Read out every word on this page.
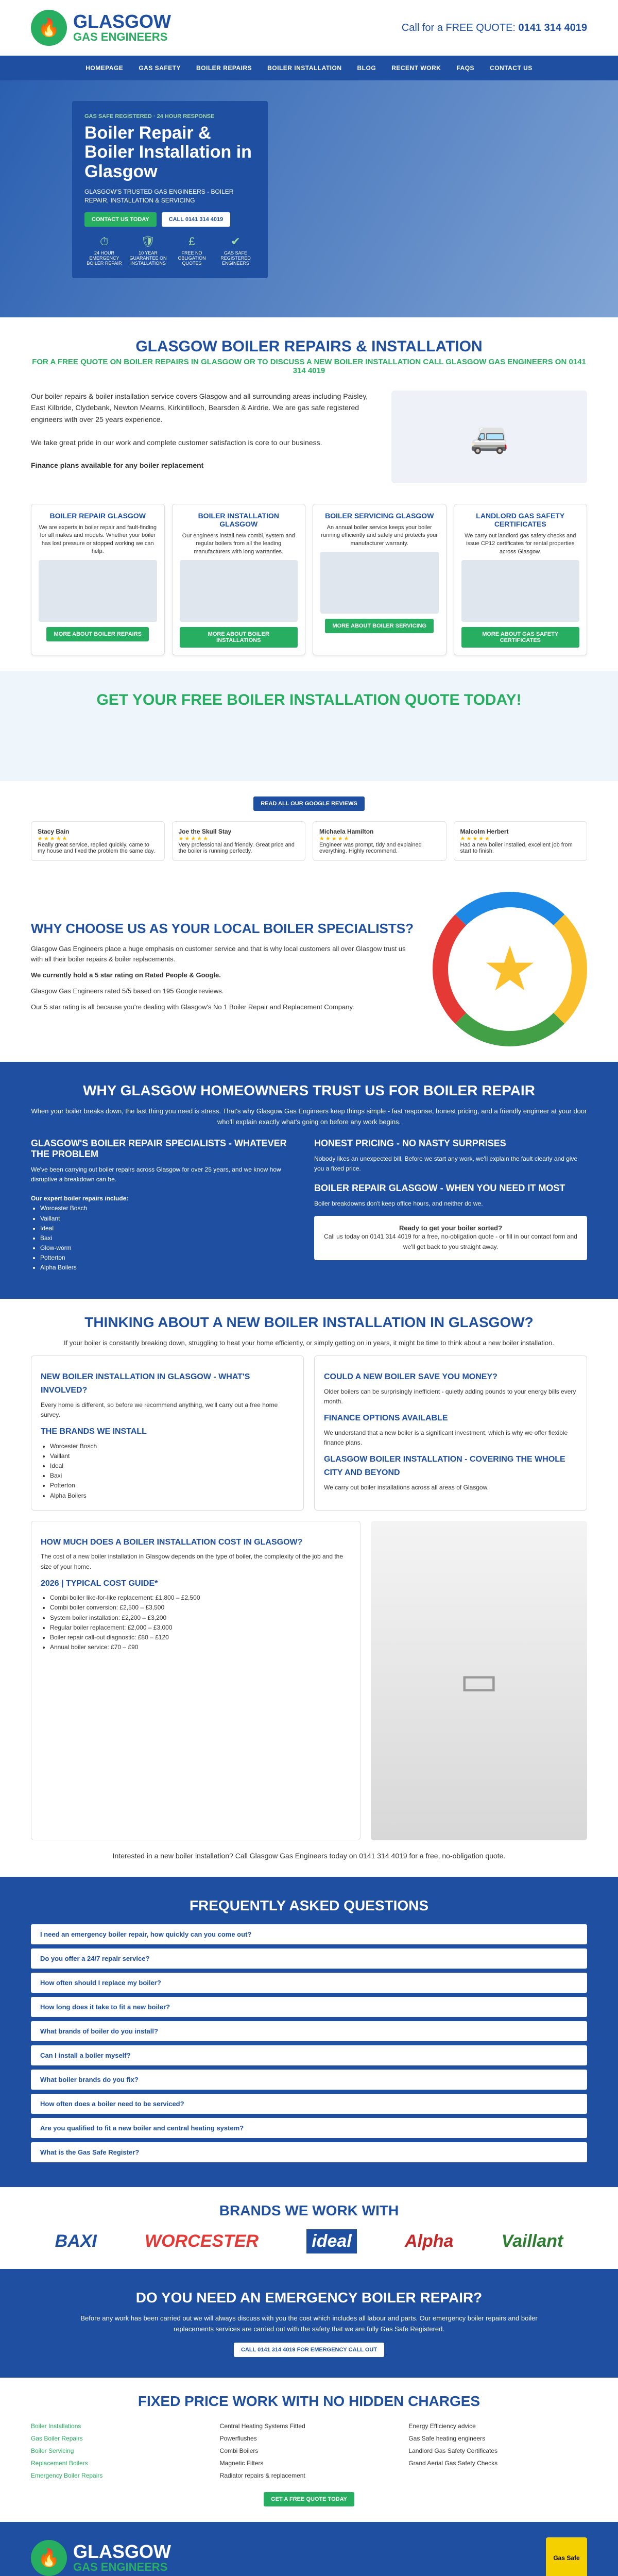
🔥 GLASGOW
GAS ENGINEERS
Call for a FREE QUOTE: 0141 314 4019
HOMEPAGE	GAS SAFETY	BOILER REPAIRS	BOILER INSTALLATION	BLOG	RECENT WORK	FAQS	CONTACT US
GAS SAFE REGISTERED · 24 HOUR RESPONSE
Boiler Repair & Boiler Installation in Glasgow

GLASGOW'S TRUSTED GAS ENGINEERS - BOILER REPAIR, INSTALLATION & SERVICING

CONTACT US TODAY	CALL 0141 314 4019
⏱
24 HOUR EMERGENCY BOILER REPAIR
🛡
10 YEAR GUARANTEE ON INSTALLATIONS
£
FREE NO OBLIGATION QUOTES
✔
GAS SAFE REGISTERED ENGINEERS
GLASGOW BOILER REPAIRS & INSTALLATION
FOR A FREE QUOTE ON BOILER REPAIRS IN GLASGOW OR TO DISCUSS A NEW BOILER INSTALLATION CALL GLASGOW GAS ENGINEERS ON 0141 314 4019

Our boiler repairs & boiler installation service covers Glasgow and all surrounding areas including Paisley, East Kilbride, Clydebank, Newton Mearns, Kirkintilloch, Bearsden & Airdrie. We are gas safe registered engineers with over 25 years experience.

We take great pride in our work and complete customer satisfaction is core to our business.

Finance plans available for any boiler replacement

🚐
BOILER REPAIR GLASGOW

We are experts in boiler repair and fault-finding for all makes and models. Whether your boiler has lost pressure or stopped working we can help.

MORE ABOUT BOILER REPAIRS
BOILER INSTALLATION GLASGOW

Our engineers install new combi, system and regular boilers from all the leading manufacturers with long warranties.

MORE ABOUT BOILER INSTALLATIONS
BOILER SERVICING GLASGOW

An annual boiler service keeps your boiler running efficiently and safely and protects your manufacturer warranty.

MORE ABOUT BOILER SERVICING
LANDLORD GAS SAFETY CERTIFICATES

We carry out landlord gas safety checks and issue CP12 certificates for rental properties across Glasgow.

MORE ABOUT GAS SAFETY CERTIFICATES
GET YOUR FREE BOILER INSTALLATION QUOTE TODAY!
READ ALL OUR GOOGLE REVIEWS
Stacy Bain
★★★★★

Really great service, replied quickly, came to my house and fixed the problem the same day.

Joe the Skull Stay
★★★★★

Very professional and friendly. Great price and the boiler is running perfectly.

Michaela Hamilton
★★★★★

Engineer was prompt, tidy and explained everything. Highly recommend.

Malcolm Herbert
★★★★★

Had a new boiler installed, excellent job from start to finish.

WHY CHOOSE US AS YOUR LOCAL BOILER SPECIALISTS?

Glasgow Gas Engineers place a huge emphasis on customer service and that is why local customers all over Glasgow trust us with all their boiler repairs & boiler replacements.

We currently hold a 5 star rating on Rated People & Google.

Glasgow Gas Engineers rated 5/5 based on 195 Google reviews.

Our 5 star rating is all because you're dealing with Glasgow's No 1 Boiler Repair and Replacement Company.

★
WHY GLASGOW HOMEOWNERS TRUST US FOR BOILER REPAIR

When your boiler breaks down, the last thing you need is stress. That's why Glasgow Gas Engineers keep things simple - fast response, honest pricing, and a friendly engineer at your door who'll explain exactly what's going on before any work begins.

GLASGOW'S BOILER REPAIR SPECIALISTS - WHATEVER THE PROBLEM

We've been carrying out boiler repairs across Glasgow for over 25 years, and we know how disruptive a breakdown can be.

Our expert boiler repairs include:

• Worcester Bosch
• Vaillant
• Ideal
• Baxi
• Glow-worm
• Potterton
• Alpha Boilers
HONEST PRICING - NO NASTY SURPRISES

Nobody likes an unexpected bill. Before we start any work, we'll explain the fault clearly and give you a fixed price.

BOILER REPAIR GLASGOW - WHEN YOU NEED IT MOST

Boiler breakdowns don't keep office hours, and neither do we.

Ready to get your boiler sorted?

Call us today on 0141 314 4019 for a free, no-obligation quote - or fill in our contact form and we'll get back to you straight away.

THINKING ABOUT A NEW BOILER INSTALLATION IN GLASGOW?

If your boiler is constantly breaking down, struggling to heat your home efficiently, or simply getting on in years, it might be time to think about a new boiler installation.

NEW BOILER INSTALLATION IN GLASGOW - WHAT'S INVOLVED?

Every home is different, so before we recommend anything, we'll carry out a free home survey.

THE BRANDS WE INSTALL
• Worcester Bosch
• Vaillant
• Ideal
• Baxi
• Potterton
• Alpha Boilers
COULD A NEW BOILER SAVE YOU MONEY?

Older boilers can be surprisingly inefficient - quietly adding pounds to your energy bills every month.

FINANCE OPTIONS AVAILABLE

We understand that a new boiler is a significant investment, which is why we offer flexible finance plans.

GLASGOW BOILER INSTALLATION - COVERING THE WHOLE CITY AND BEYOND

We carry out boiler installations across all areas of Glasgow.

HOW MUCH DOES A BOILER INSTALLATION COST IN GLASGOW?

The cost of a new boiler installation in Glasgow depends on the type of boiler, the complexity of the job and the size of your home.

2026 | TYPICAL COST GUIDE*
• Combi boiler like-for-like replacement: £1,800 – £2,500
• Combi boiler conversion: £2,500 – £3,500
• System boiler installation: £2,200 – £3,200
• Regular boiler replacement: £2,000 – £3,000
• Boiler repair call-out diagnostic: £80 – £120
• Annual boiler service: £70 – £90
▭

Interested in a new boiler installation? Call Glasgow Gas Engineers today on 0141 314 4019 for a free, no-obligation quote.

FREQUENTLY ASKED QUESTIONS
I need an emergency boiler repair, how quickly can you come out?
Do you offer a 24/7 repair service?
How often should I replace my boiler?
How long does it take to fit a new boiler?
What brands of boiler do you install?
Can I install a boiler myself?
What boiler brands do you fix?
How often does a boiler need to be serviced?
Are you qualified to fit a new boiler and central heating system?
What is the Gas Safe Register?
BRANDS WE WORK WITH
BAXI	WORCESTER	ideal	Alpha	Vaillant
DO YOU NEED AN EMERGENCY BOILER REPAIR?

Before any work has been carried out we will always discuss with you the cost which includes all labour and parts. Our emergency boiler repairs and boiler replacements services are carried out with the safety that we are fully Gas Safe Registered.

CALL 0141 314 4019 FOR EMERGENCY CALL OUT
FIXED PRICE WORK WITH NO HIDDEN CHARGES
Boiler Installations
Gas Boiler Repairs
Boiler Servicing
Replacement Boilers
Emergency Boiler Repairs
Central Heating Systems Fitted
Powerflushes
Combi Boilers
Magnetic Filters
Radiator repairs & replacement
Energy Efficiency advice
Gas Safe heating engineers
Landlord Gas Safety Certificates
Grand Aerial Gas Safety Checks
GET A FREE QUOTE TODAY
🔥 GLASGOW
GAS ENGINEERS
Gas Safe
